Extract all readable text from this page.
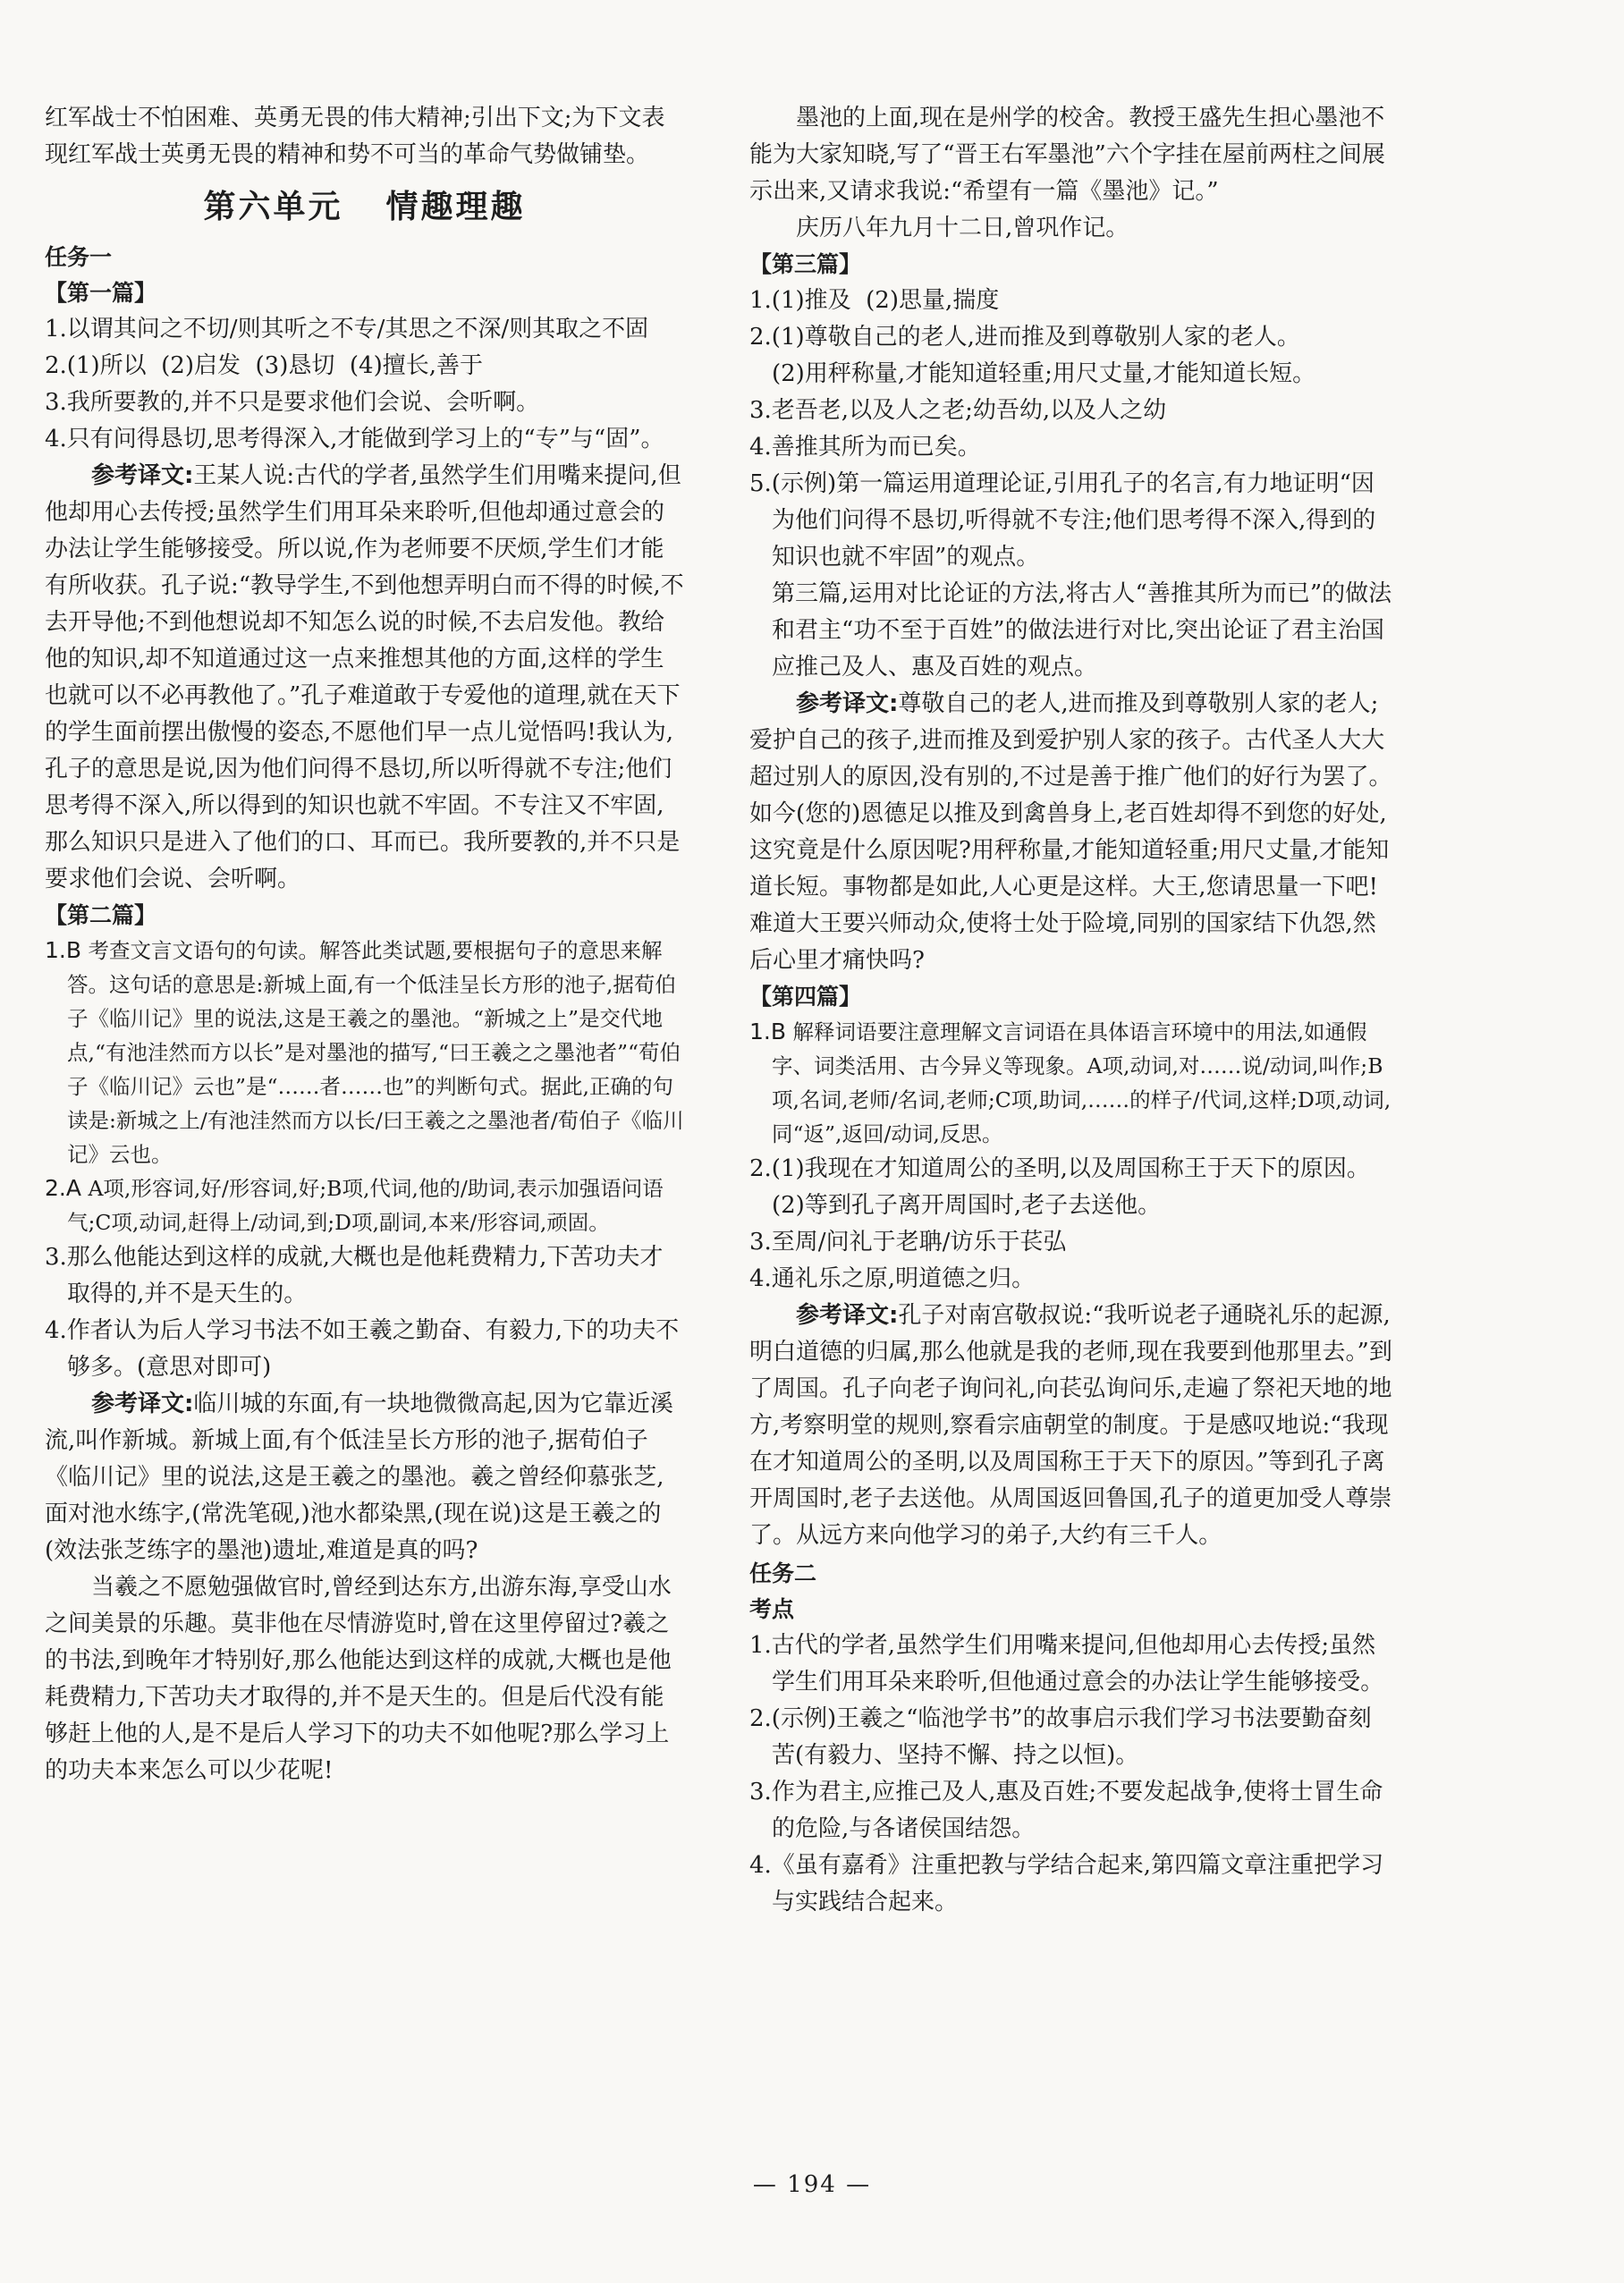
红军战士不怕困难、英勇无畏的伟大精神;引出下文;为下文表现红军战士英勇无畏的精神和势不可当的革命气势做铺垫。
第六单元 情趣理趣
任务一
【第一篇】
1.以谓其问之不切/则其听之不专/其思之不深/则其取之不固
2.(1)所以  (2)启发  (3)恳切  (4)擅长,善于
3.我所要教的,并不只是要求他们会说、会听啊。
4.只有问得恳切,思考得深入,才能做到学习上的“专”与“固”。
参考译文:王某人说:古代的学者,虽然学生们用嘴来提问,但他却用心去传授;虽然学生们用耳朵来聆听,但他却通过意会的办法让学生能够接受。所以说,作为老师要不厌烦,学生们才能有所收获。孔子说:“教导学生,不到他想弄明白而不得的时候,不去开导他;不到他想说却不知怎么说的时候,不去启发他。教给他的知识,却不知道通过这一点来推想其他的方面,这样的学生也就可以不必再教他了。”孔子难道敢于专爱他的道理,就在天下的学生面前摆出傲慢的姿态,不愿他们早一点儿觉悟吗!我认为,孔子的意思是说,因为他们问得不恳切,所以听得就不专注;他们思考得不深入,所以得到的知识也就不牢固。不专注又不牢固,那么知识只是进入了他们的口、耳而已。我所要教的,并不只是要求他们会说、会听啊。
【第二篇】
1.B 考查文言文语句的句读。解答此类试题,要根据句子的意思来解答。这句话的意思是:新城上面,有一个低洼呈长方形的池子,据荀伯子《临川记》里的说法,这是王羲之的墨池。“新城之上”是交代地点,“有池洼然而方以长”是对墨池的描写,“曰王羲之之墨池者”“荀伯子《临川记》云也”是“……者……也”的判断句式。据此,正确的句读是:新城之上/有池洼然而方以长/曰王羲之之墨池者/荀伯子《临川记》云也。
2.A A项,形容词,好/形容词,好;B项,代词,他的/助词,表示加强语问语气;C项,动词,赶得上/动词,到;D项,副词,本来/形容词,顽固。
3.那么他能达到这样的成就,大概也是他耗费精力,下苦功夫才取得的,并不是天生的。
4.作者认为后人学习书法不如王羲之勤奋、有毅力,下的功夫不够多。(意思对即可)
参考译文:临川城的东面,有一块地微微高起,因为它靠近溪流,叫作新城。新城上面,有个低洼呈长方形的池子,据荀伯子《临川记》里的说法,这是王羲之的墨池。羲之曾经仰慕张芝,面对池水练字,(常洗笔砚,)池水都染黑,(现在说)这是王羲之的(效法张芝练字的墨池)遗址,难道是真的吗?
当羲之不愿勉强做官时,曾经到达东方,出游东海,享受山水之间美景的乐趣。莫非他在尽情游览时,曾在这里停留过?羲之的书法,到晚年才特别好,那么他能达到这样的成就,大概也是他耗费精力,下苦功夫才取得的,并不是天生的。但是后代没有能够赶上他的人,是不是后人学习下的功夫不如他呢?那么学习上的功夫本来怎么可以少花呢!
墨池的上面,现在是州学的校舍。教授王盛先生担心墨池不能为大家知晓,写了“晋王右军墨池”六个字挂在屋前两柱之间展示出来,又请求我说:“希望有一篇《墨池》记。”
庆历八年九月十二日,曾巩作记。
【第三篇】
1.(1)推及  (2)思量,揣度
2.(1)尊敬自己的老人,进而推及到尊敬别人家的老人。
(2)用秤称量,才能知道轻重;用尺丈量,才能知道长短。
3.老吾老,以及人之老;幼吾幼,以及人之幼
4.善推其所为而已矣。
5.(示例)第一篇运用道理论证,引用孔子的名言,有力地证明“因为他们问得不恳切,听得就不专注;他们思考得不深入,得到的知识也就不牢固”的观点。
第三篇,运用对比论证的方法,将古人“善推其所为而已”的做法和君主“功不至于百姓”的做法进行对比,突出论证了君主治国应推己及人、惠及百姓的观点。
参考译文:尊敬自己的老人,进而推及到尊敬别人家的老人;爱护自己的孩子,进而推及到爱护别人家的孩子。古代圣人大大超过别人的原因,没有别的,不过是善于推广他们的好行为罢了。如今(您的)恩德足以推及到禽兽身上,老百姓却得不到您的好处,这究竟是什么原因呢?用秤称量,才能知道轻重;用尺丈量,才能知道长短。事物都是如此,人心更是这样。大王,您请思量一下吧!难道大王要兴师动众,使将士处于险境,同别的国家结下仇怨,然后心里才痛快吗?
【第四篇】
1.B 解释词语要注意理解文言词语在具体语言环境中的用法,如通假字、词类活用、古今异义等现象。A项,动词,对……说/动词,叫作;B项,名词,老师/名词,老师;C项,助词,……的样子/代词,这样;D项,动词,同“返”,返回/动词,反思。
2.(1)我现在才知道周公的圣明,以及周国称王于天下的原因。
(2)等到孔子离开周国时,老子去送他。
3.至周/问礼于老聃/访乐于苌弘
4.通礼乐之原,明道德之归。
参考译文:孔子对南宫敬叔说:“我听说老子通晓礼乐的起源,明白道德的归属,那么他就是我的老师,现在我要到他那里去。”到了周国。孔子向老子询问礼,向苌弘询问乐,走遍了祭祀天地的地方,考察明堂的规则,察看宗庙朝堂的制度。于是感叹地说:“我现在才知道周公的圣明,以及周国称王于天下的原因。”等到孔子离开周国时,老子去送他。从周国返回鲁国,孔子的道更加受人尊崇了。从远方来向他学习的弟子,大约有三千人。
任务二
考点
1.古代的学者,虽然学生们用嘴来提问,但他却用心去传授;虽然学生们用耳朵来聆听,但他通过意会的办法让学生能够接受。
2.(示例)王羲之“临池学书”的故事启示我们学习书法要勤奋刻苦(有毅力、坚持不懈、持之以恒)。
3.作为君主,应推己及人,惠及百姓;不要发起战争,使将士冒生命的危险,与各诸侯国结怨。
4.《虽有嘉肴》注重把教与学结合起来,第四篇文章注重把学习与实践结合起来。
— 194 —
